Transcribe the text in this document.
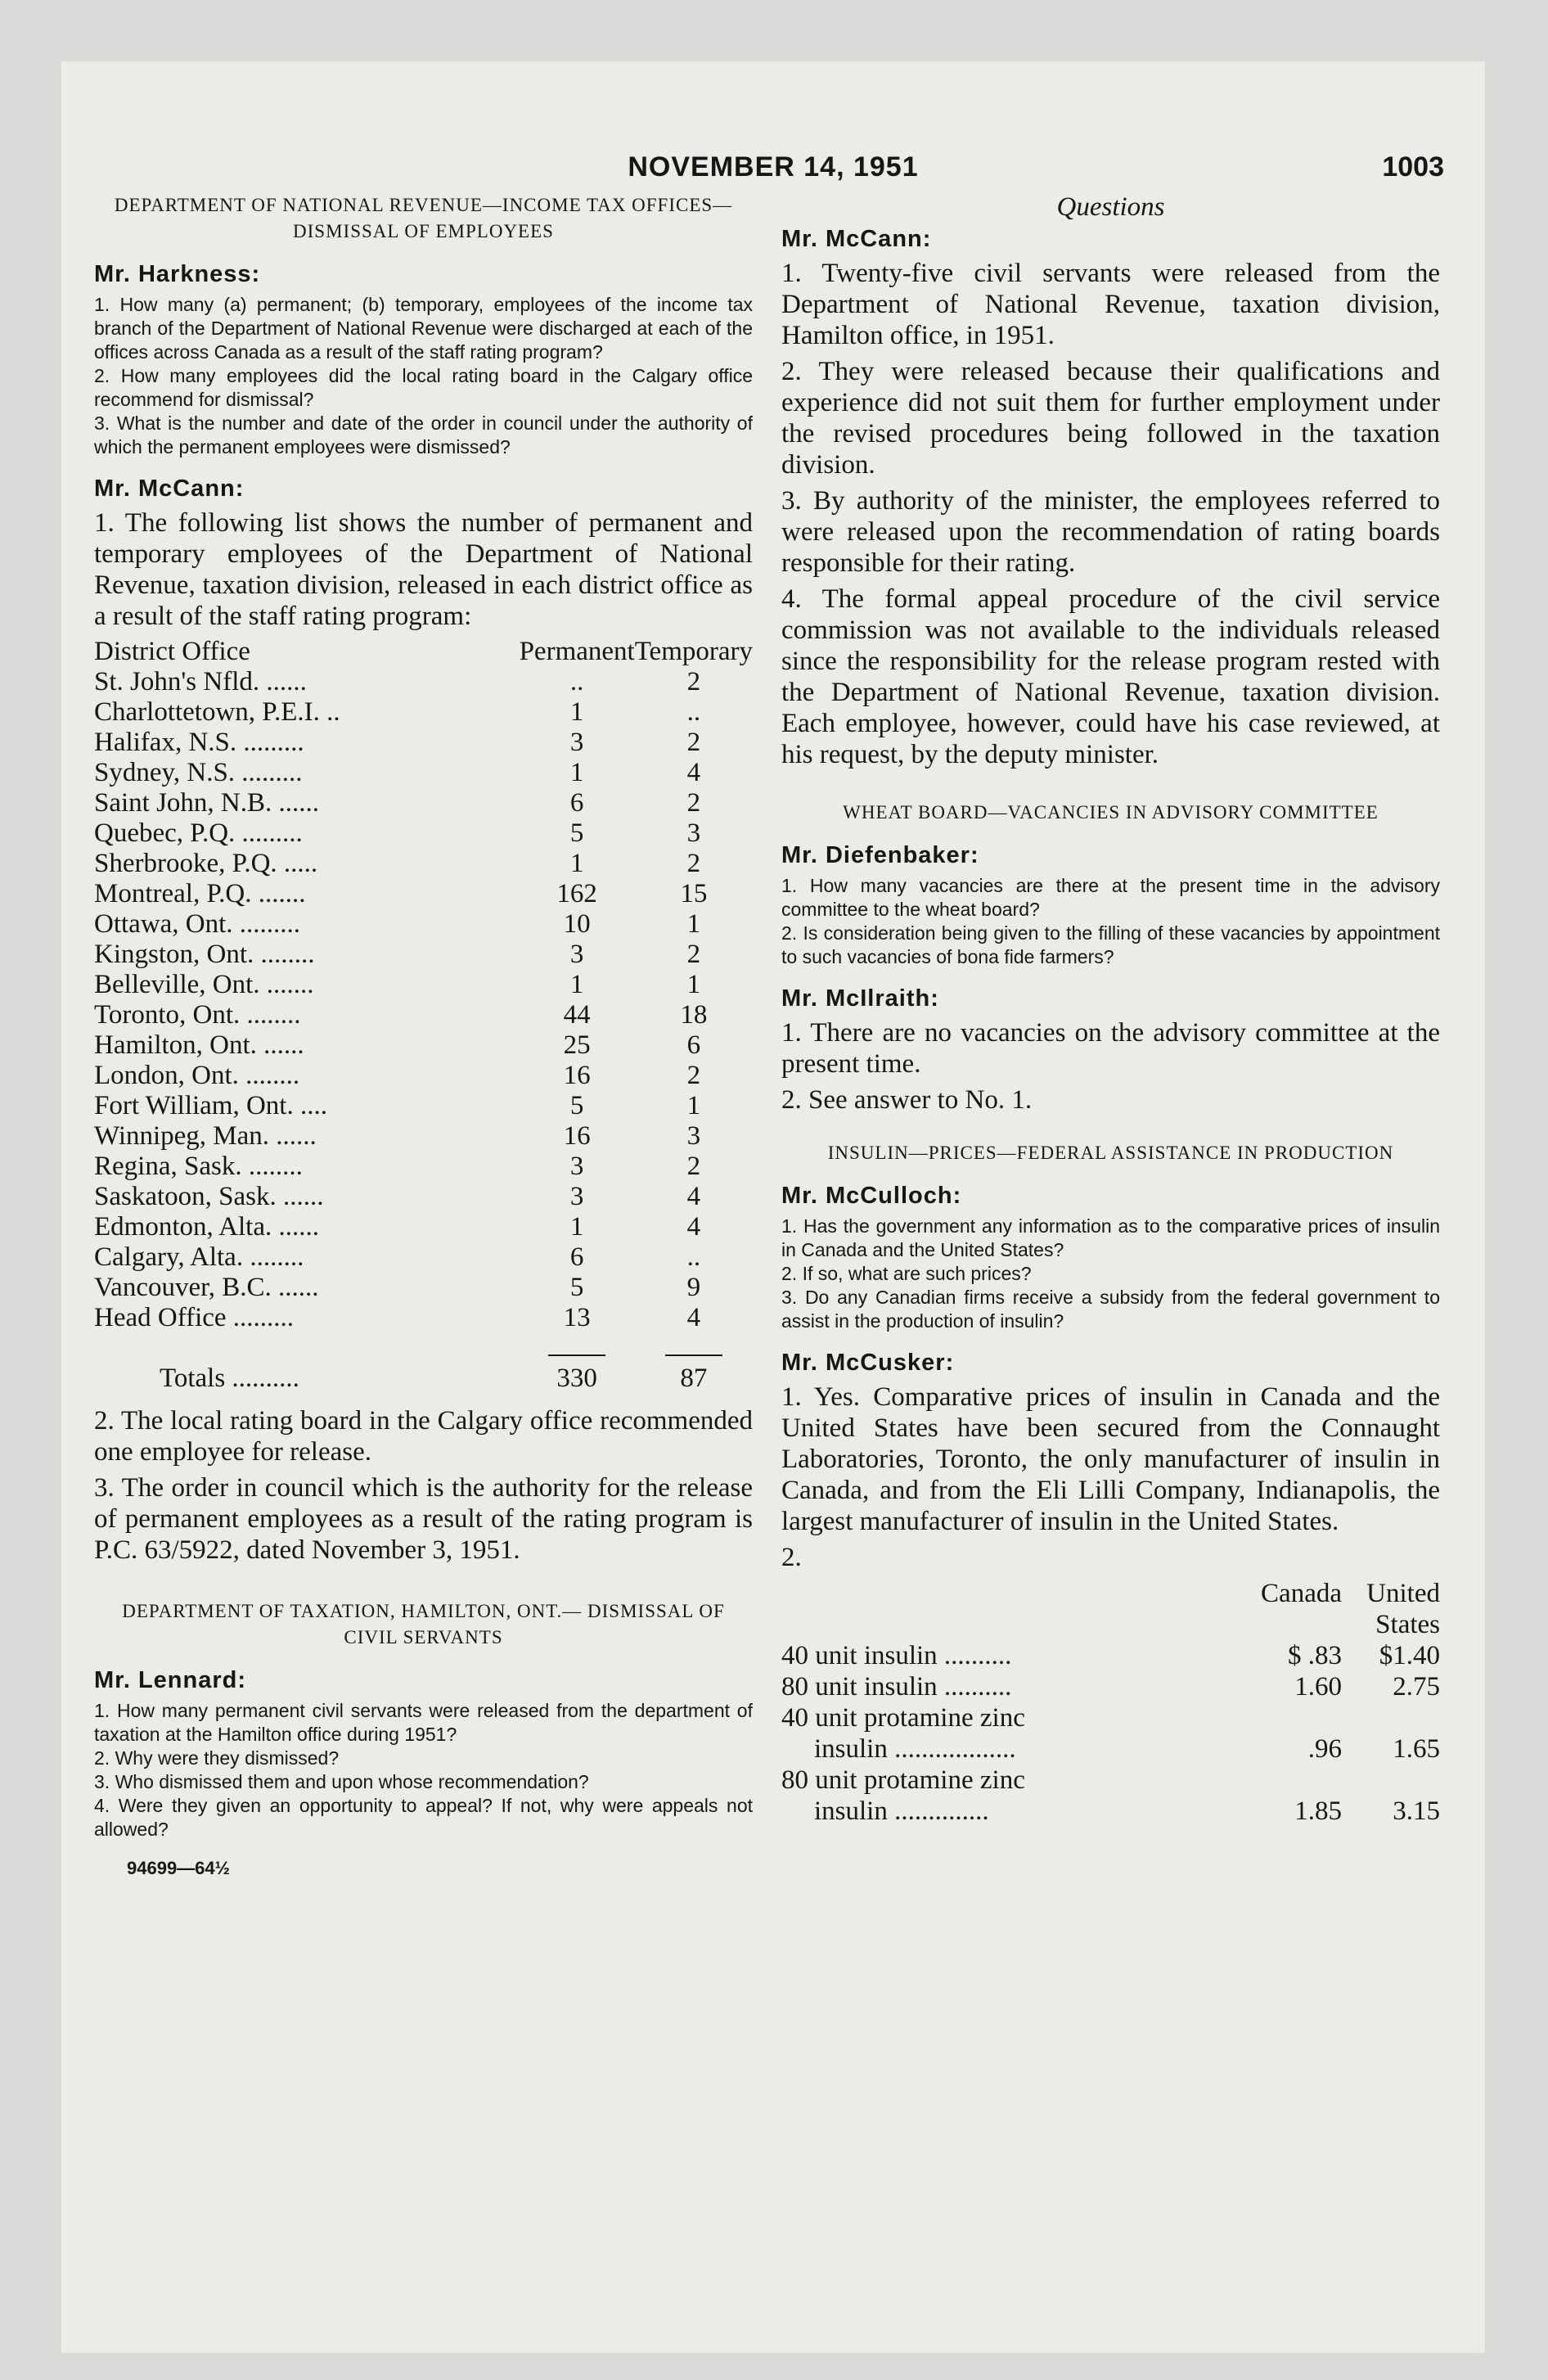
NOVEMBER 14, 1951	1003
DEPARTMENT OF NATIONAL REVENUE—INCOME TAX OFFICES—DISMISSAL OF EMPLOYEES
Mr. Harkness:

1. How many (a) permanent; (b) temporary, employees of the income tax branch of the Department of National Revenue were discharged at each of the offices across Canada as a result of the staff rating program?

2. How many employees did the local rating board in the Calgary office recommend for dismissal?

3. What is the number and date of the order in council under the authority of which the permanent employees were dismissed?

Mr. McCann:

1. The following list shows the number of permanent and temporary employees of the Department of National Revenue, taxation division, released in each district office as a result of the staff rating program:

District Office	Permanent	Temporary
St. John's Nfld. ......	..	2
Charlottetown, P.E.I. ..	1	..
Halifax, N.S. .........	3	2
Sydney, N.S. .........	1	4
Saint John, N.B. ......	6	2
Quebec, P.Q. .........	5	3
Sherbrooke, P.Q. .....	1	2
Montreal, P.Q. .......	162	15
Ottawa, Ont. .........	10	1
Kingston, Ont. ........	3	2
Belleville, Ont. .......	1	1
Toronto, Ont. ........	44	18
Hamilton, Ont. ......	25	6
London, Ont. ........	16	2
Fort William, Ont. ....	5	1
Winnipeg, Man. ......	16	3
Regina, Sask. ........	3	2
Saskatoon, Sask. ......	3	4
Edmonton, Alta. ......	1	4
Calgary, Alta. ........	6	..
Vancouver, B.C. ......	5	9
Head Office .........	13	4

Totals ..........	330	87

2. The local rating board in the Calgary office recommended one employee for release.

3. The order in council which is the authority for the release of permanent employees as a result of the rating program is P.C. 63/5922, dated November 3, 1951.

DEPARTMENT OF TAXATION, HAMILTON, ONT.— DISMISSAL OF CIVIL SERVANTS
Mr. Lennard:

1. How many permanent civil servants were released from the department of taxation at the Hamilton office during 1951?

2. Why were they dismissed?

3. Who dismissed them and upon whose recommendation?

4. Were they given an opportunity to appeal? If not, why were appeals not allowed?

94699—64½
Questions
Mr. McCann:

1. Twenty-five civil servants were released from the Department of National Revenue, taxation division, Hamilton office, in 1951.

2. They were released because their qualifications and experience did not suit them for further employment under the revised procedures being followed in the taxation division.

3. By authority of the minister, the employees referred to were released upon the recommendation of rating boards responsible for their rating.

4. The formal appeal procedure of the civil service commission was not available to the individuals released since the responsibility for the release program rested with the Department of National Revenue, taxation division. Each employee, however, could have his case reviewed, at his request, by the deputy minister.

WHEAT BOARD—VACANCIES IN ADVISORY COMMITTEE
Mr. Diefenbaker:

1. How many vacancies are there at the present time in the advisory committee to the wheat board?

2. Is consideration being given to the filling of these vacancies by appointment to such vacancies of bona fide farmers?

Mr. McIlraith:

1. There are no vacancies on the advisory committee at the present time.

2. See answer to No. 1.

INSULIN—PRICES—FEDERAL ASSISTANCE IN PRODUCTION
Mr. McCulloch:

1. Has the government any information as to the comparative prices of insulin in Canada and the United States?

2. If so, what are such prices?

3. Do any Canadian firms receive a subsidy from the federal government to assist in the production of insulin?

Mr. McCusker:

1. Yes. Comparative prices of insulin in Canada and the United States have been secured from the Connaught Laboratories, Toronto, the only manufacturer of insulin in Canada, and from the Eli Lilli Company, Indianapolis, the largest manufacturer of insulin in the United States.

2.

	Canada	United States
40 unit insulin ..........	$ .83	$1.40
80 unit insulin ..........	1.60	2.75
40 unit protamine zinc		
insulin ..................	.96	1.65
80 unit protamine zinc		
insulin ..............	1.85	3.15
